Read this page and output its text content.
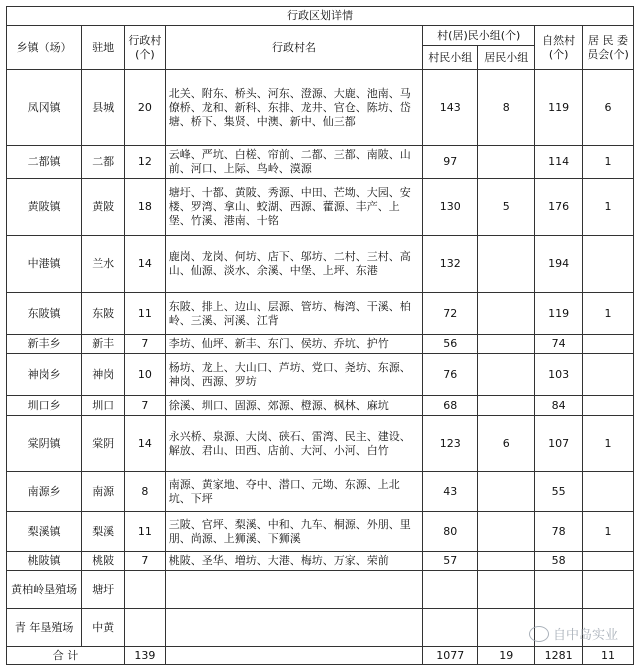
行政区划详情							
乡镇（场）	驻地	行政村(个)	行政村名	村(居)民小组(个)		自然村(个)	居 民 委员会(个)
				村民小组	居民小组		
凤冈镇	县城	20	北关、附东、桥头、河东、澄源、大鹿、池南、马僚桥、龙和、新科、东排、龙井、官仓、陈坊、岱塘、桥下、集贤、中澳、新中、仙三都	143	8	119	6
二都镇	二都	12	云峰、严坑、白槎、帘前、二都、三都、南陂、山前、河口、上际、鸟岭、漠源	97		114	1
黄陂镇	黄陂	18	塘圩、十都、黄陂、秀源、中田、芒坳、大园、安楼、罗湾、拿山、蛟湖、西源、藿源、丰产、上堡、竹溪、港南、十铭	130	5	176	1
中港镇	兰水	14	鹿岗、龙岗、何坊、店下、邬坊、二村、三村、高山、仙源、淡水、余溪、中堡、上坪、东港	132		194	
东陂镇	东陂	11	东陂、排上、边山、层源、管坊、梅湾、干溪、柏岭、三溪、河溪、江背	72		119	1
新丰乡	新丰	7	李坊、仙坪、新丰、东门、侯坊、乔坑、护竹	56		74	
神岗乡	神岗	10	杨坊、龙上、大山口、芦坊、党口、尧坊、东源、神岗、西源、罗坊	76		103	
圳口乡	圳口	7	徐溪、圳口、固源、郊源、橙源、枫林、麻坑	68		84	
棠阴镇	棠阴	14	永兴桥、泉源、大岗、硖石、雷湾、民主、建设、解放、君山、田西、店前、大河、小河、白竹	123	6	107	1
南源乡	南源	8	南源、黄家地、夺中、潜口、元坳、东源、上北坑、下坪	43		55	
梨溪镇	梨溪	11	三陂、官坪、梨溪、中和、九车、桐源、外朋、里朋、尚源、上狮溪、下狮溪	80		78	1
桃陂镇	桃陂	7	桃陂、圣华、増坊、大港、梅坊、万家、荣前	57		58	
黄柏岭垦殖场	塘圩						
青 年垦殖场	中黄						
合 计		139		1077	19	1281	11
自中岛实业
